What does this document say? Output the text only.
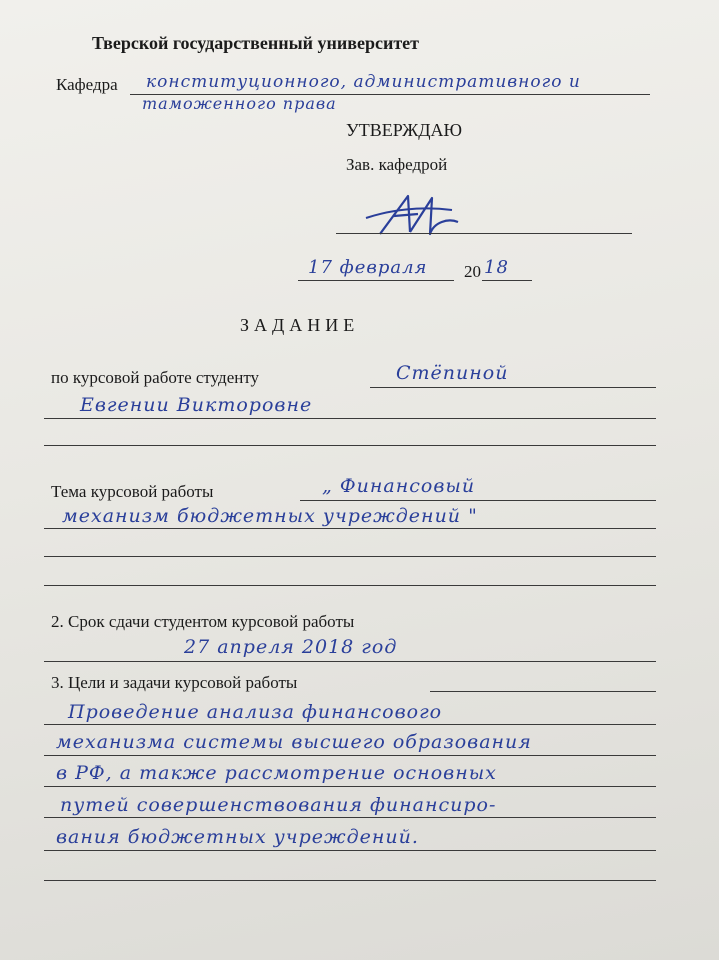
Тверской государственный университет
Кафедра конституционного, административного и
таможенного права
УТВЕРЖДАЮ
Зав. кафедрой
17 февраля 20 18
ЗАДАНИЕ
по курсовой работе студенту	Стёпиной
Евгении Викторовне
Тема курсовой работы	„ Финансовый
механизм бюджетных учреждений "
2. Срок сдачи студентом курсовой работы
27 апреля 2018 год
3. Цели и задачи курсовой работы
Проведение анализа финансового
механизма системы высшего образования
в РФ, а также рассмотрение основных
путей совершенствования финансиро-
вания бюджетных учреждений.
